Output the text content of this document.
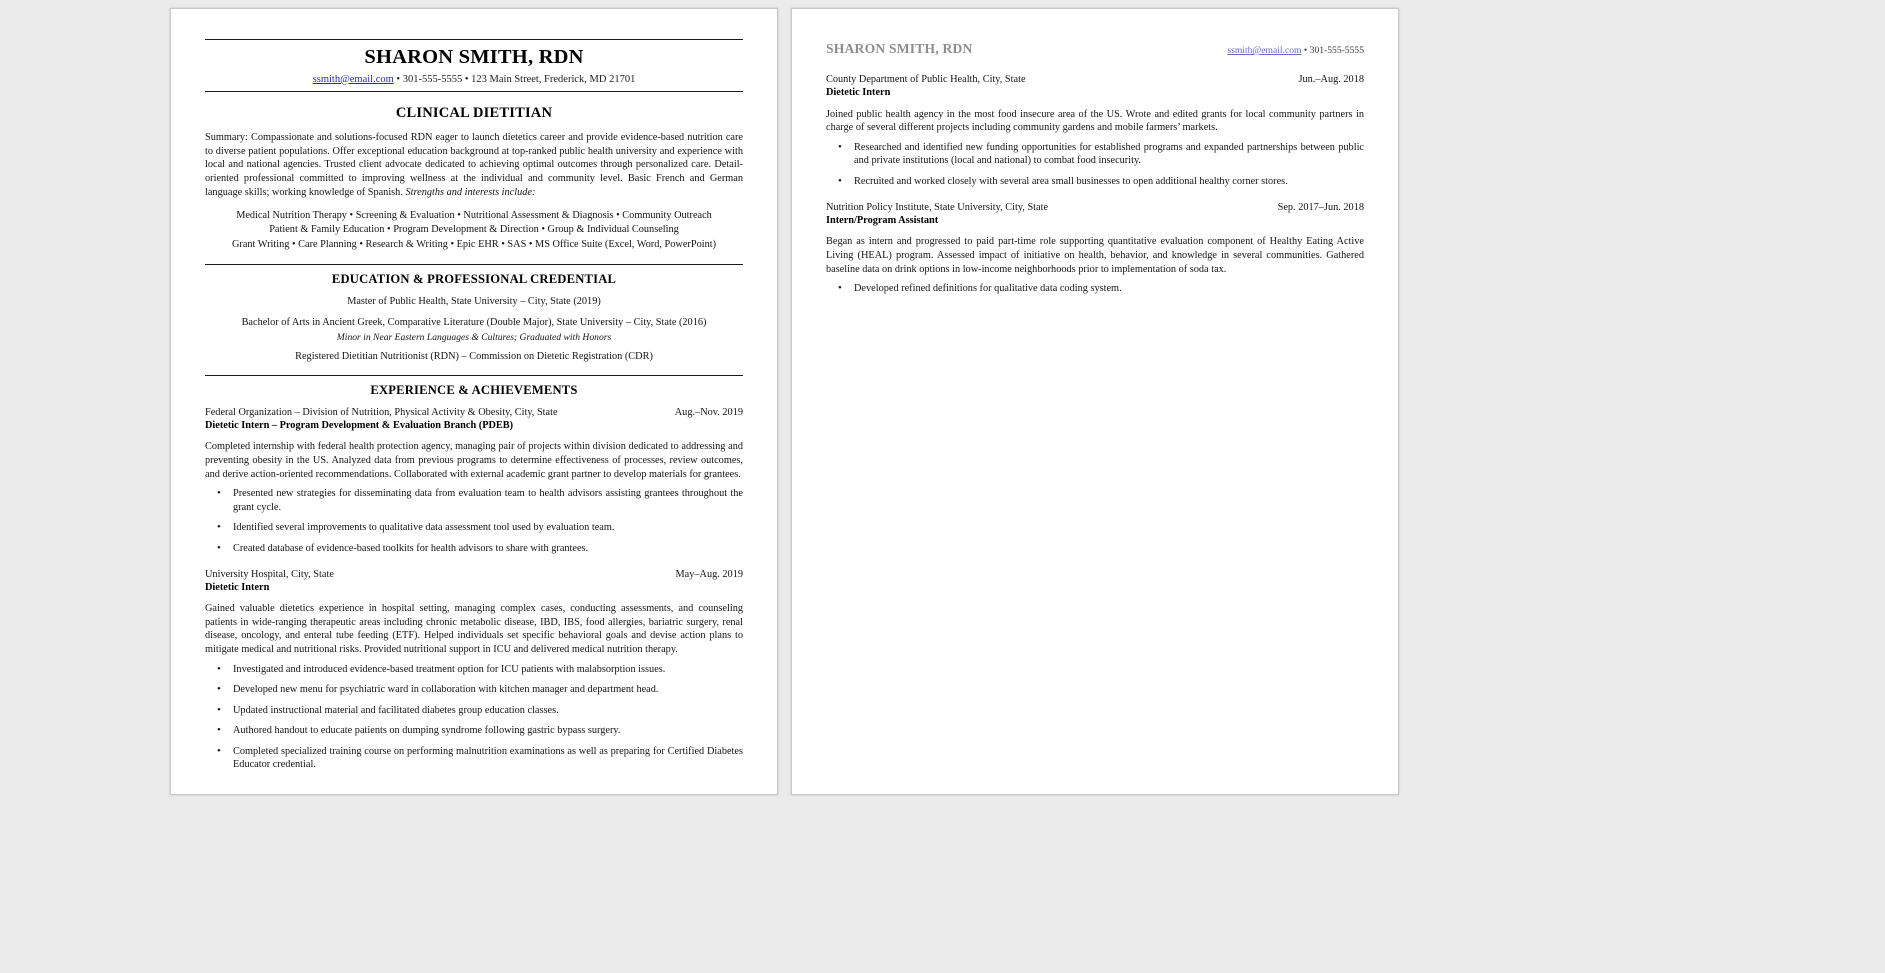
SHARON SMITH, RDN
ssmith@email.com • 301-555-5555 • 123 Main Street, Frederick, MD 21701
CLINICAL DIETITIAN

Summary: Compassionate and solutions-focused RDN eager to launch dietetics career and provide evidence-based nutrition care to diverse patient populations. Offer exceptional education background at top-ranked public health university and experience with local and national agencies. Trusted client advocate dedicated to achieving optimal outcomes through personalized care. Detail-oriented professional committed to improving wellness at the individual and community level. Basic French and German language skills; working knowledge of Spanish. Strengths and interests include:

Medical Nutrition Therapy • Screening & Evaluation • Nutritional Assessment & Diagnosis • Community Outreach
Patient & Family Education • Program Development & Direction • Group & Individual Counseling
Grant Writing • Care Planning • Research & Writing • Epic EHR • SAS • MS Office Suite (Excel, Word, PowerPoint)
EDUCATION & PROFESSIONAL CREDENTIAL
Master of Public Health, State University – City, State (2019)
Bachelor of Arts in Ancient Greek, Comparative Literature (Double Major), State University – City, State (2016)
Minor in Near Eastern Languages & Cultures; Graduated with Honors
Registered Dietitian Nutritionist (RDN) – Commission on Dietetic Registration (CDR)
EXPERIENCE & ACHIEVEMENTS
Federal Organization – Division of Nutrition, Physical Activity & Obesity, City, State	Aug.–Nov. 2019
Dietetic Intern – Program Development & Evaluation Branch (PDEB)

Completed internship with federal health protection agency, managing pair of projects within division dedicated to addressing and preventing obesity in the US. Analyzed data from previous programs to determine effectiveness of processes, review outcomes, and derive action-oriented recommendations. Collaborated with external academic grant partner to develop materials for grantees.

• Presented new strategies for disseminating data from evaluation team to health advisors assisting grantees throughout the grant cycle.
• Identified several improvements to qualitative data assessment tool used by evaluation team.
• Created database of evidence-based toolkits for health advisors to share with grantees.
University Hospital, City, State	May–Aug. 2019
Dietetic Intern

Gained valuable dietetics experience in hospital setting, managing complex cases, conducting assessments, and counseling patients in wide-ranging therapeutic areas including chronic metabolic disease, IBD, IBS, food allergies, bariatric surgery, renal disease, oncology, and enteral tube feeding (ETF). Helped individuals set specific behavioral goals and devise action plans to mitigate medical and nutritional risks. Provided nutritional support in ICU and delivered medical nutrition therapy.

• Investigated and introduced evidence-based treatment option for ICU patients with malabsorption issues.
• Developed new menu for psychiatric ward in collaboration with kitchen manager and department head.
• Updated instructional material and facilitated diabetes group education classes.
• Authored handout to educate patients on dumping syndrome following gastric bypass surgery.
• Completed specialized training course on performing malnutrition examinations as well as preparing for Certified Diabetes Educator credential.
SHARON SMITH, RDN	ssmith@email.com • 301-555-5555
County Department of Public Health, City, State	Jun.–Aug. 2018
Dietetic Intern

Joined public health agency in the most food insecure area of the US. Wrote and edited grants for local community partners in charge of several different projects including community gardens and mobile farmers’ markets.

• Researched and identified new funding opportunities for established programs and expanded partnerships between public and private institutions (local and national) to combat food insecurity.
• Recruited and worked closely with several area small businesses to open additional healthy corner stores.
Nutrition Policy Institute, State University, City, State	Sep. 2017–Jun. 2018
Intern/Program Assistant

Began as intern and progressed to paid part-time role supporting quantitative evaluation component of Healthy Eating Active Living (HEAL) program. Assessed impact of initiative on health, behavior, and knowledge in several communities. Gathered baseline data on drink options in low-income neighborhoods prior to implementation of soda tax.

• Developed refined definitions for qualitative data coding system.
